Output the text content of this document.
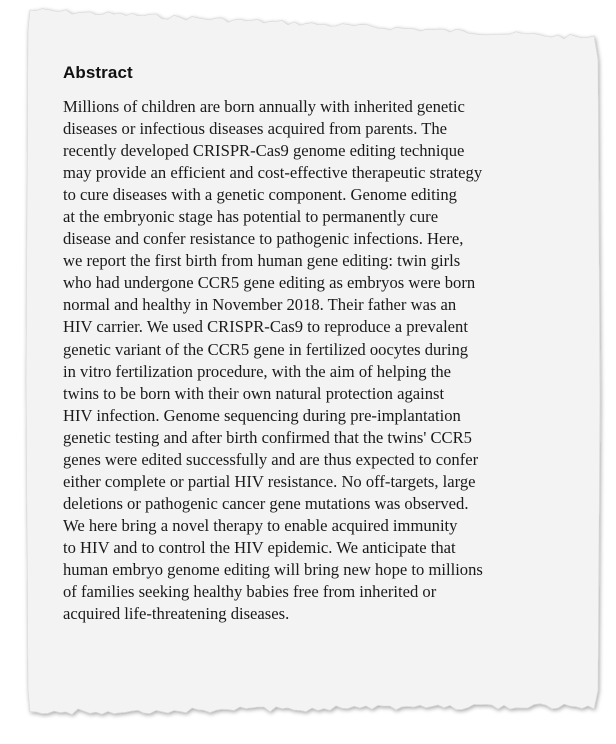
Abstract
Millions of children are born annually with inherited genetic
diseases or infectious diseases acquired from parents. The
recently developed CRISPR-Cas9 genome editing technique
may provide an efficient and cost-effective therapeutic strategy
to cure diseases with a genetic component. Genome editing
at the embryonic stage has potential to permanently cure
disease and confer resistance to pathogenic infections. Here,
we report the first birth from human gene editing: twin girls
who had undergone CCR5 gene editing as embryos were born
normal and healthy in November 2018. Their father was an
HIV carrier. We used CRISPR-Cas9 to reproduce a prevalent
genetic variant of the CCR5 gene in fertilized oocytes during
in vitro fertilization procedure, with the aim of helping the
twins to be born with their own natural protection against
HIV infection. Genome sequencing during pre-implantation
genetic testing and after birth confirmed that the twins' CCR5
genes were edited successfully and are thus expected to confer
either complete or partial HIV resistance. No off-targets, large
deletions or pathogenic cancer gene mutations was observed.
We here bring a novel therapy to enable acquired immunity
to HIV and to control the HIV epidemic. We anticipate that
human embryo genome editing will bring new hope to millions
of families seeking healthy babies free from inherited or
acquired life-threatening diseases.
